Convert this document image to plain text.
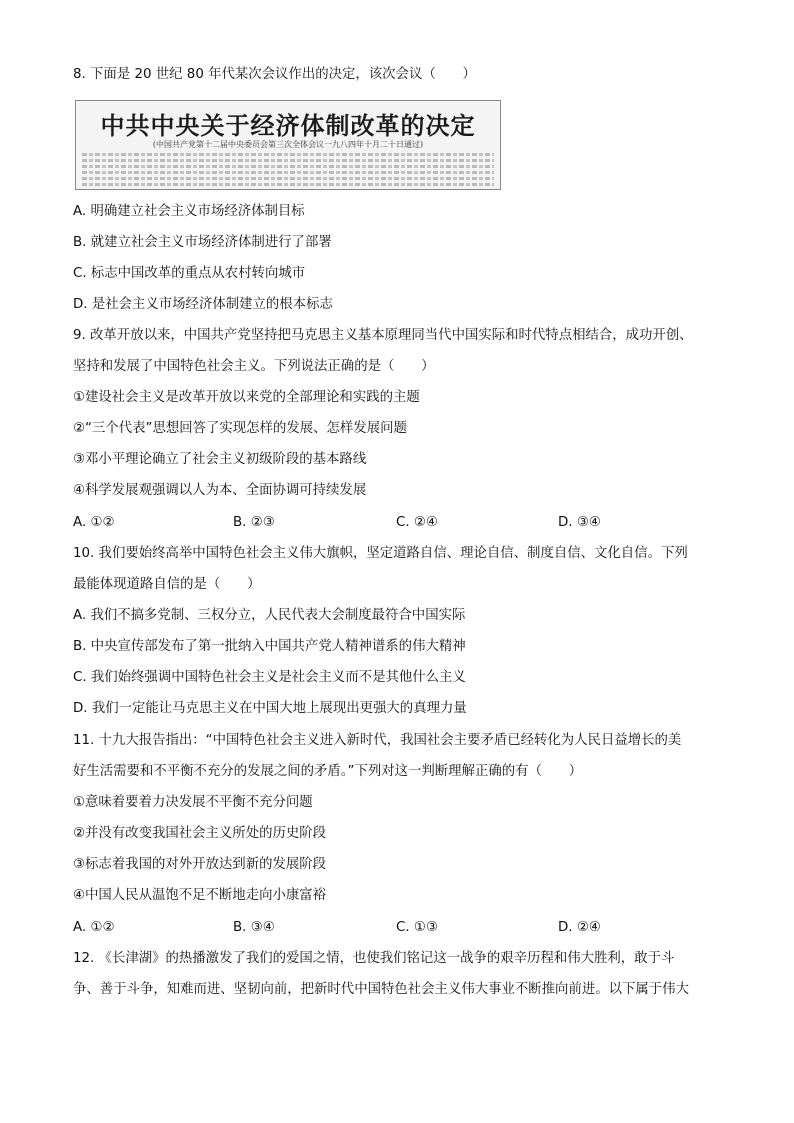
8. 下面是 20 世纪 80 年代某次会议作出的决定，该次会议（　　）
中共中央关于经济体制改革的决定
(中国共产党第十二届中央委员会第三次全体会议一九八四年十月二十日通过)
A. 明确建立社会主义市场经济体制目标
B. 就建立社会主义市场经济体制进行了部署
C. 标志中国改革的重点从农村转向城市
D. 是社会主义市场经济体制建立的根本标志
9. 改革开放以来，中国共产党坚持把马克思主义基本原理同当代中国实际和时代特点相结合，成功开创、
坚持和发展了中国特色社会主义。下列说法正确的是（　　）
①建设社会主义是改革开放以来党的全部理论和实践的主题
②“三个代表”思想回答了实现怎样的发展、怎样发展问题
③邓小平理论确立了社会主义初级阶段的基本路线
④科学发展观强调以人为本、全面协调可持续发展
A. ①②	B. ②③	C. ②④	D. ③④
10. 我们要始终高举中国特色社会主义伟大旗帜，坚定道路自信、理论自信、制度自信、文化自信。下列
最能体现道路自信的是（　　）
A. 我们不搞多党制、三权分立，人民代表大会制度最符合中国实际
B. 中央宣传部发布了第一批纳入中国共产党人精神谱系的伟大精神
C. 我们始终强调中国特色社会主义是社会主义而不是其他什么主义
D. 我们一定能让马克思主义在中国大地上展现出更强大的真理力量
11. 十九大报告指出：“中国特色社会主义进入新时代，我国社会主要矛盾已经转化为人民日益增长的美
好生活需要和不平衡不充分的发展之间的矛盾。”下列对这一判断理解正确的有（　　）
①意味着要着力决发展不平衡不充分问题
②并没有改变我国社会主义所处的历史阶段
③标志着我国的对外开放达到新的发展阶段
④中国人民从温饱不足不断地走向小康富裕
A. ①②	B. ③④	C. ①③	D. ②④
12. 《长津湖》的热播激发了我们的爱国之情，也使我们铭记这一战争的艰辛历程和伟大胜利，敢于斗
争、善于斗争，知难而进、坚韧向前，把新时代中国特色社会主义伟大事业不断推向前进。以下属于伟大
